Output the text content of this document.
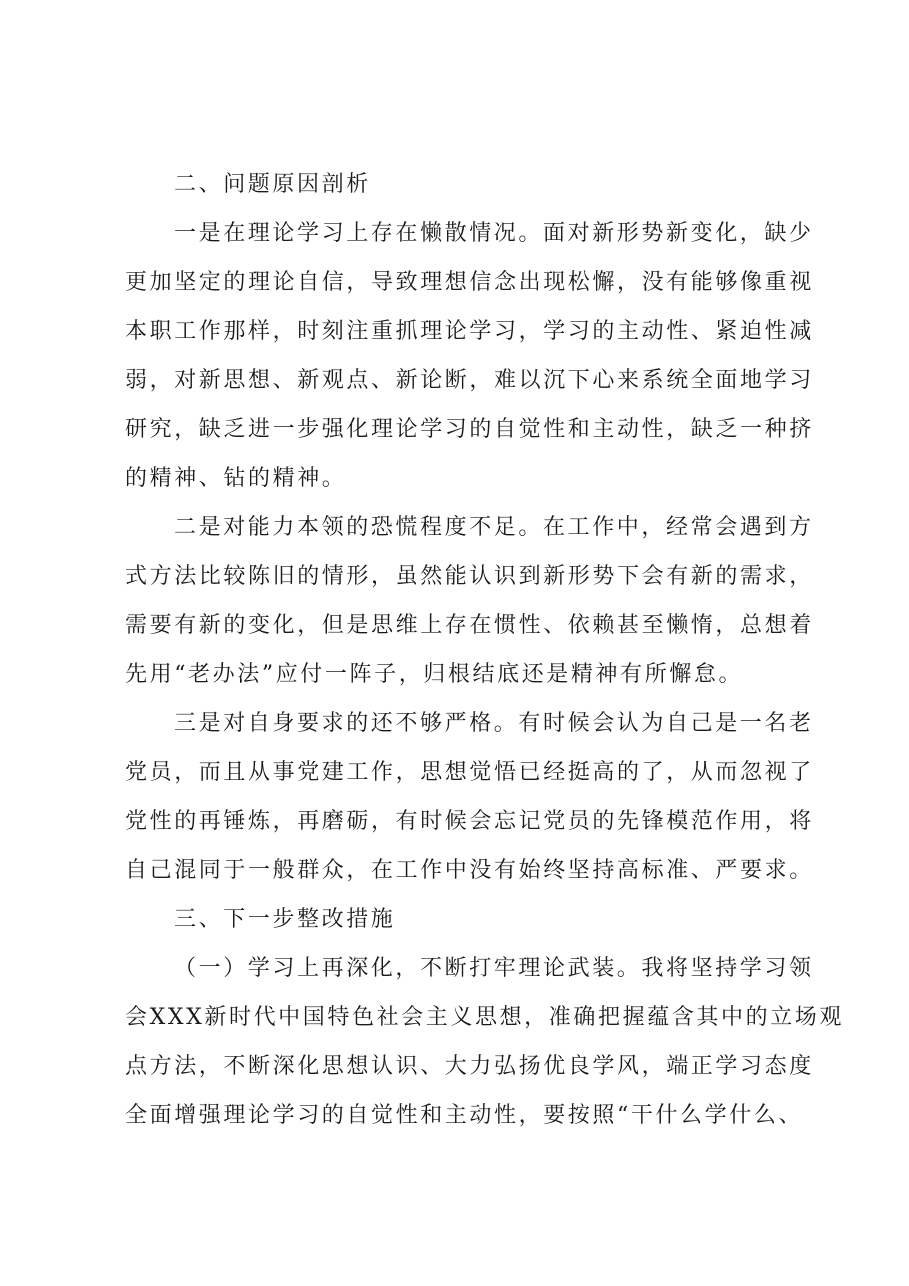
二、问题原因剖析
一是在理论学习上存在懒散情况。面对新形势新变化，缺少
更加坚定的理论自信，导致理想信念出现松懈，没有能够像重视
本职工作那样，时刻注重抓理论学习，学习的主动性、紧迫性减
弱，对新思想、新观点、新论断，难以沉下心来系统全面地学习
研究，缺乏进一步强化理论学习的自觉性和主动性，缺乏一种挤
的精神、钻的精神。
二是对能力本领的恐慌程度不足。在工作中，经常会遇到方
式方法比较陈旧的情形，虽然能认识到新形势下会有新的需求，
需要有新的变化，但是思维上存在惯性、依赖甚至懒惰，总想着
先用“老办法”应付一阵子，归根结底还是精神有所懈怠。
三是对自身要求的还不够严格。有时候会认为自己是一名老
党员，而且从事党建工作，思想觉悟已经挺高的了，从而忽视了
党性的再锤炼，再磨砺，有时候会忘记党员的先锋模范作用，将
自己混同于一般群众，在工作中没有始终坚持高标准、严要求。
三、下一步整改措施
（一）学习上再深化，不断打牢理论武装。我将坚持学习领
会XXX新时代中国特色社会主义思想，准确把握蕴含其中的立场观
点方法，不断深化思想认识、大力弘扬优良学风，端正学习态度
全面增强理论学习的自觉性和主动性，要按照“干什么学什么、
